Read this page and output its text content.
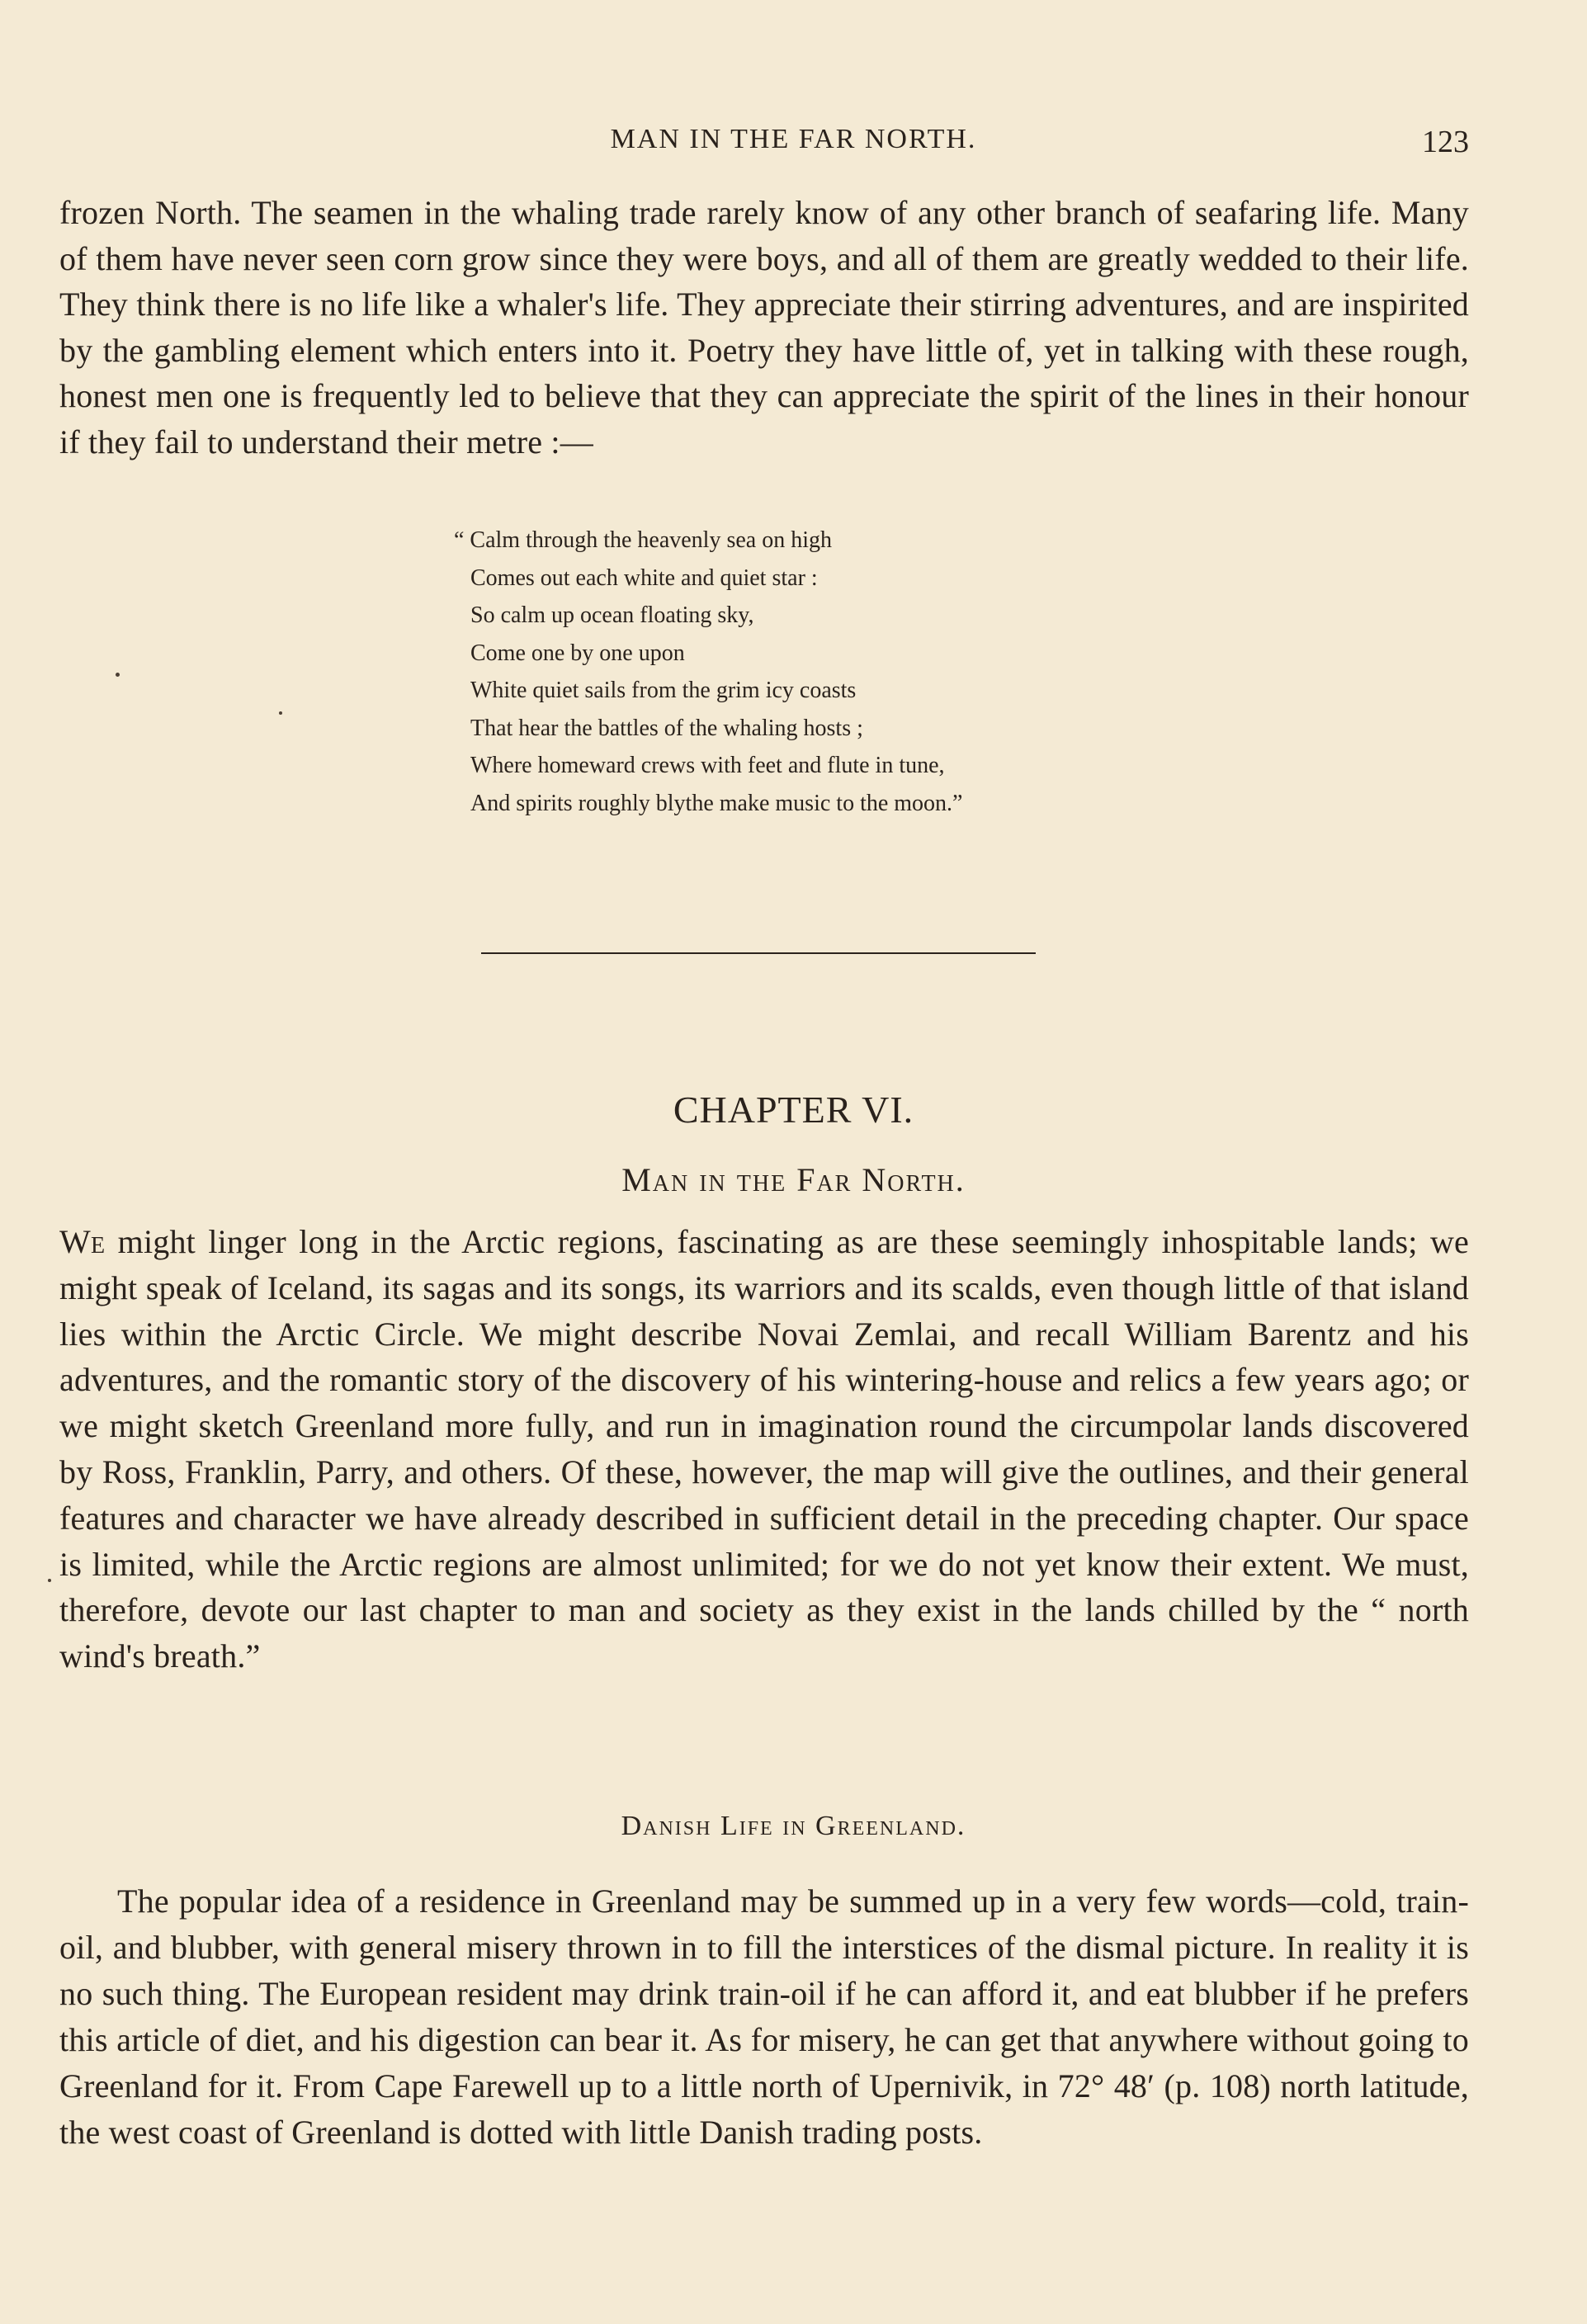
MAN IN THE FAR NORTH.	123
frozen North. The seamen in the whaling trade rarely know of any other branch of seafaring life. Many of them have never seen corn grow since they were boys, and all of them are greatly wedded to their life. They think there is no life like a whaler's life. They appreciate their stirring adventures, and are inspirited by the gambling element which enters into it. Poetry they have little of, yet in talking with these rough, honest men one is frequently led to believe that they can appreciate the spirit of the lines in their honour if they fail to understand their metre :—
“ Calm through the heavenly sea on high
Comes out each white and quiet star :
So calm up ocean floating sky,
Come one by one upon
White quiet sails from the grim icy coasts
That hear the battles of the whaling hosts ;
Where homeward crews with feet and flute in tune,
And spirits roughly blythe make music to the moon.”
CHAPTER VI.
Man in the Far North.
We might linger long in the Arctic regions, fascinating as are these seemingly inhospitable lands; we might speak of Iceland, its sagas and its songs, its warriors and its scalds, even though little of that island lies within the Arctic Circle. We might describe Novai Zemlai, and recall William Barentz and his adventures, and the romantic story of the discovery of his wintering-house and relics a few years ago; or we might sketch Greenland more fully, and run in imagination round the circumpolar lands discovered by Ross, Franklin, Parry, and others. Of these, however, the map will give the outlines, and their general features and character we have already described in sufficient detail in the preceding chapter. Our space is limited, while the Arctic regions are almost unlimited; for we do not yet know their extent. We must, therefore, devote our last chapter to man and society as they exist in the lands chilled by the “ north wind's breath.”
Danish Life in Greenland.
The popular idea of a residence in Greenland may be summed up in a very few words—cold, train-oil, and blubber, with general misery thrown in to fill the interstices of the dismal picture. In reality it is no such thing. The European resident may drink train-oil if he can afford it, and eat blubber if he prefers this article of diet, and his digestion can bear it. As for misery, he can get that anywhere without going to Greenland for it. From Cape Farewell up to a little north of Upernivik, in 72° 48′ (p. 108) north latitude, the west coast of Greenland is dotted with little Danish trading posts.
